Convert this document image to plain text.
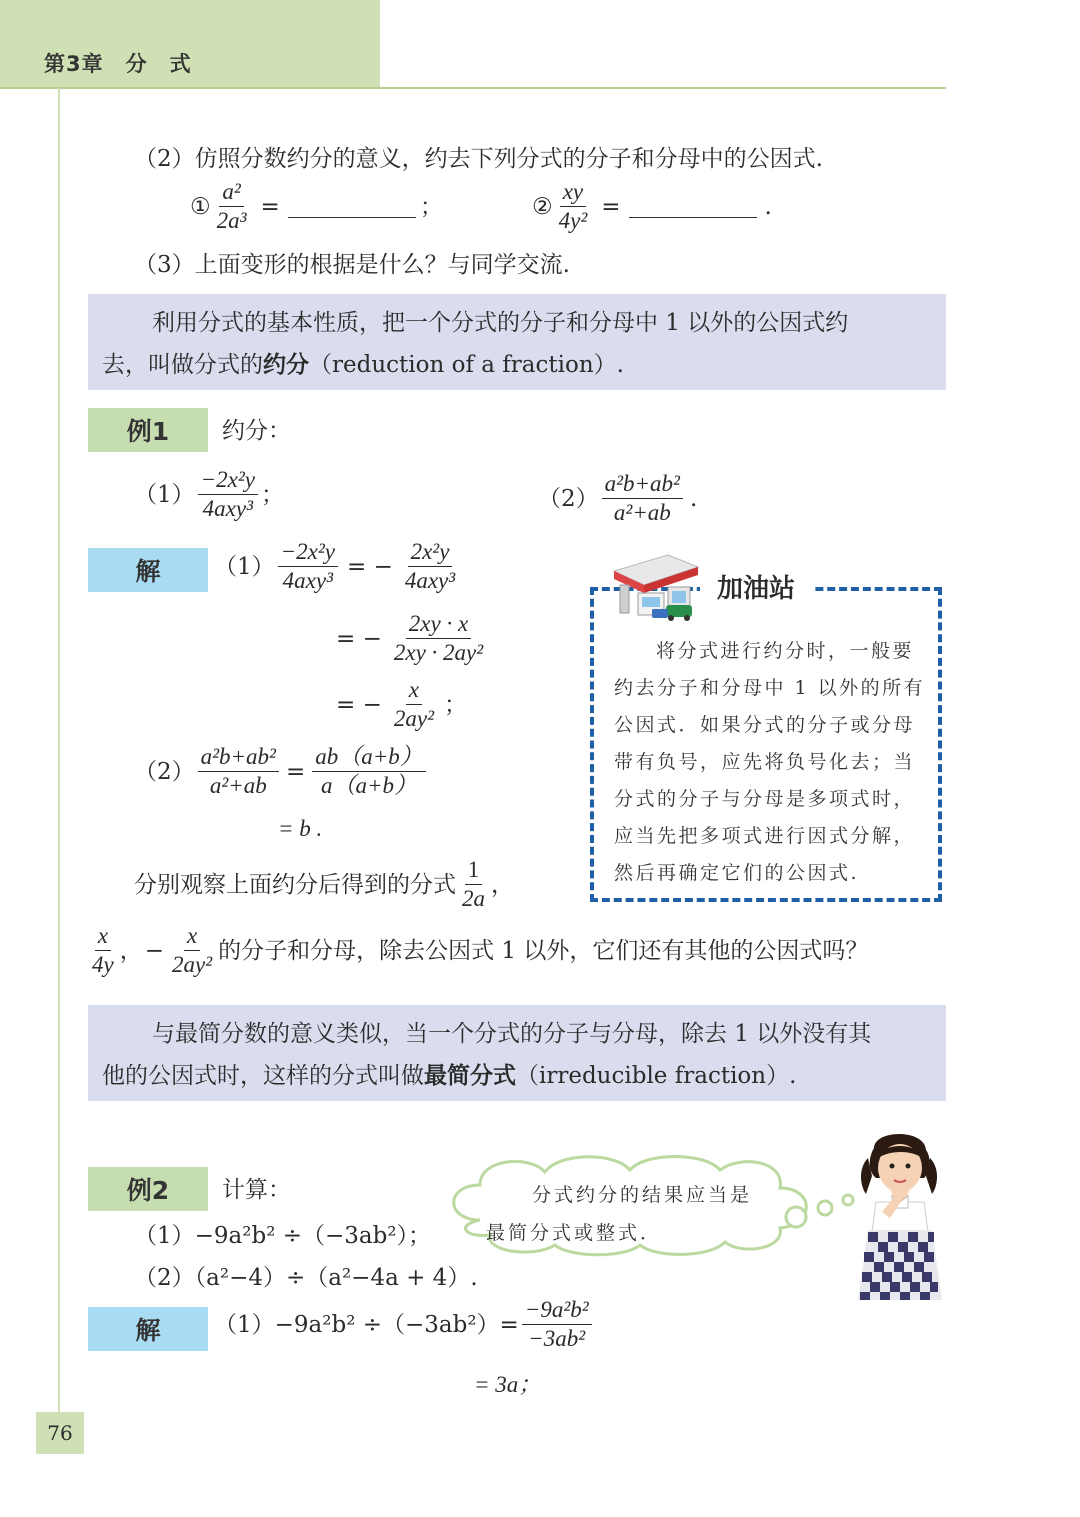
第3章　分　式
（2）仿照分数约分的意义，约去下列分式的分子和分母中的公因式.
① $\frac{\text{a²}}{\text{2a³}}$ =	；	② $\frac{xy}{\text{4y²}}$ =	.
（3）上面变形的根据是什么？与同学交流.
利用分式的基本性质，把一个分式的分子和分母中 1 以外的公因式约
去，叫做分式的约分（reduction of a fraction）.
例1	约分：
$(1) \frac{\text{−2x²y}}{\text{4axy³}}$ ；	$(2) \frac{\text{a²b+ab²}}{\text{a²+ab}}$ .
解	$(1) \frac{\text{−2x²y}}{\text{4axy³}}$ = − $\frac{\text{2x²y}}{\text{4axy³}}$
= − $\frac{2xy \cdot x}{\text{2xy · 2ay²}}$
= − $\frac{x}{\text{2ay²}}$ ；
$(2) \frac{\text{a²b+ab²}}{\text{a²+ab}} = \frac{ab(a+b)}{a(a+b)}$
= b .
分别观察上面约分后得到的分式 $\frac{1}{2a}$ ，
$\frac{x}{4y}$ ， − $\frac{x}{\text{2ay²}}$ 的分子和分母，除去公因式 1 以外，它们还有其他的公因式吗？
加油站
将分式进行约分时，一般要
约去分子和分母中 1 以外的所有
公因式．如果分式的分子或分母
带有负号，应先将负号化去；当
分式的分子与分母是多项式时，
应当先把多项式进行因式分解，
然后再确定它们的公因式.
与最简分数的意义类似，当一个分式的分子与分母，除去 1 以外没有其
他的公因式时，这样的分式叫做最简分式（irreducible fraction）.
例2	计算：
（1）−9a²b² ÷（−3ab²）；
（2）（a²−4）÷（a²−4a + 4）.
分式约分的结果应当是
最简分式或整式．
解	$(1)-9a^2b^2 \div(-3ab^2)= \frac{\text{−9a²b²}}{\text{−3ab²}}$
= 3a；
76
